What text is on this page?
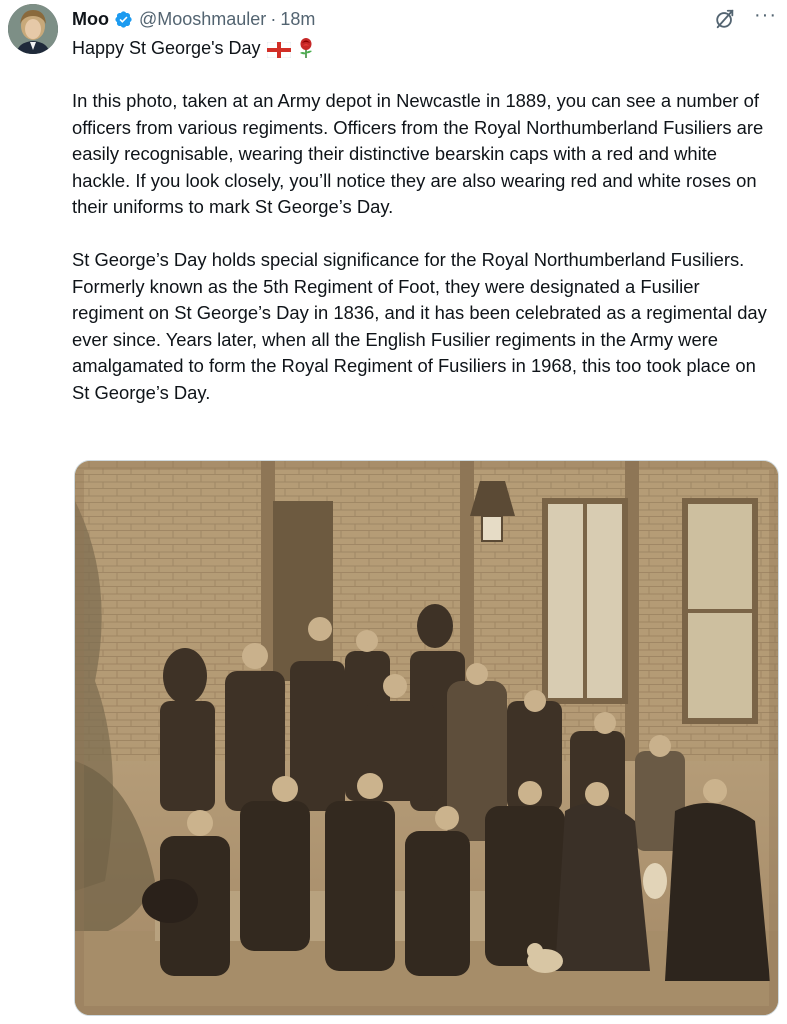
Moo @Mooshmauler · 18m	···
Happy St George's Day

In this photo, taken at an Army depot in Newcastle in 1889, you can see a number of officers from various regiments. Officers from the Royal Northumberland Fusiliers are easily recognisable, wearing their distinctive bearskin caps with a red and white hackle. If you look closely, you’ll notice they are also wearing red and white roses on their uniforms to mark St George’s Day.

St George’s Day holds special significance for the Royal Northumberland Fusiliers. Formerly known as the 5th Regiment of Foot, they were designated a Fusilier regiment on St George’s Day in 1836, and it has been celebrated as a regimental day ever since. Years later, when all the English Fusilier regiments in the Army were amalgamated to form the Royal Regiment of Fusiliers in 1968, this too took place on St George’s Day.
